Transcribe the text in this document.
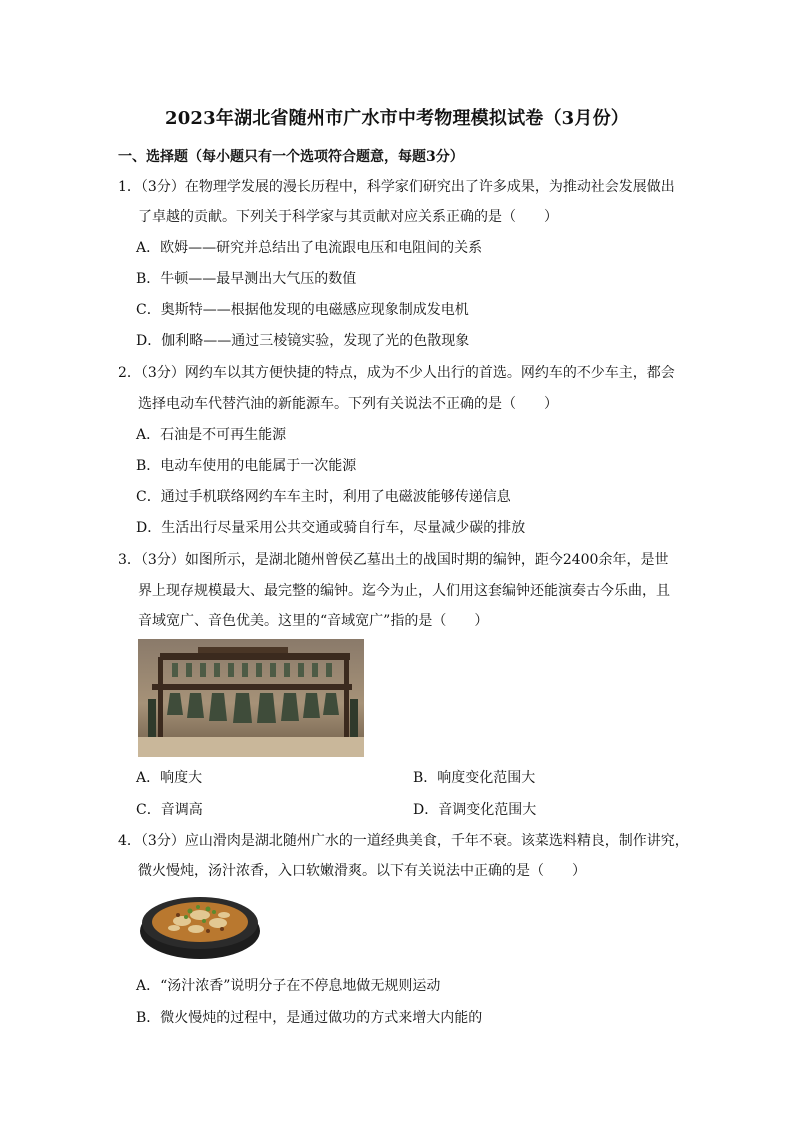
2023年湖北省随州市广水市中考物理模拟试卷（3月份）
一、选择题（每小题只有一个选项符合题意，每题3分）
1．（3分）在物理学发展的漫长历程中，科学家们研究出了许多成果，为推动社会发展做出
了卓越的贡献。下列关于科学家与其贡献对应关系正确的是（　　）
A．欧姆——研究并总结出了电流跟电压和电阻间的关系
B．牛顿——最早测出大气压的数值
C．奥斯特——根据他发现的电磁感应现象制成发电机
D．伽利略——通过三棱镜实验，发现了光的色散现象
2．（3分）网约车以其方便快捷的特点，成为不少人出行的首选。网约车的不少车主，都会
选择电动车代替汽油的新能源车。下列有关说法不正确的是（　　）
A．石油是不可再生能源
B．电动车使用的电能属于一次能源
C．通过手机联络网约车车主时，利用了电磁波能够传递信息
D．生活出行尽量采用公共交通或骑自行车，尽量减少碳的排放
3．（3分）如图所示，是湖北随州曾侯乙墓出土的战国时期的编钟，距今2400余年，是世
界上现存规模最大、最完整的编钟。迄今为止，人们用这套编钟还能演奏古今乐曲，且
音域宽广、音色优美。这里的“音域宽广”指的是（　　）
A．响度大	B．响度变化范围大
C．音调高	D．音调变化范围大
4．（3分）应山滑肉是湖北随州广水的一道经典美食，千年不衰。该菜选料精良，制作讲究，
微火慢炖，汤汁浓香，入口软嫩滑爽。以下有关说法中正确的是（　　）
A．“汤汁浓香”说明分子在不停息地做无规则运动
B．微火慢炖的过程中，是通过做功的方式来增大内能的
